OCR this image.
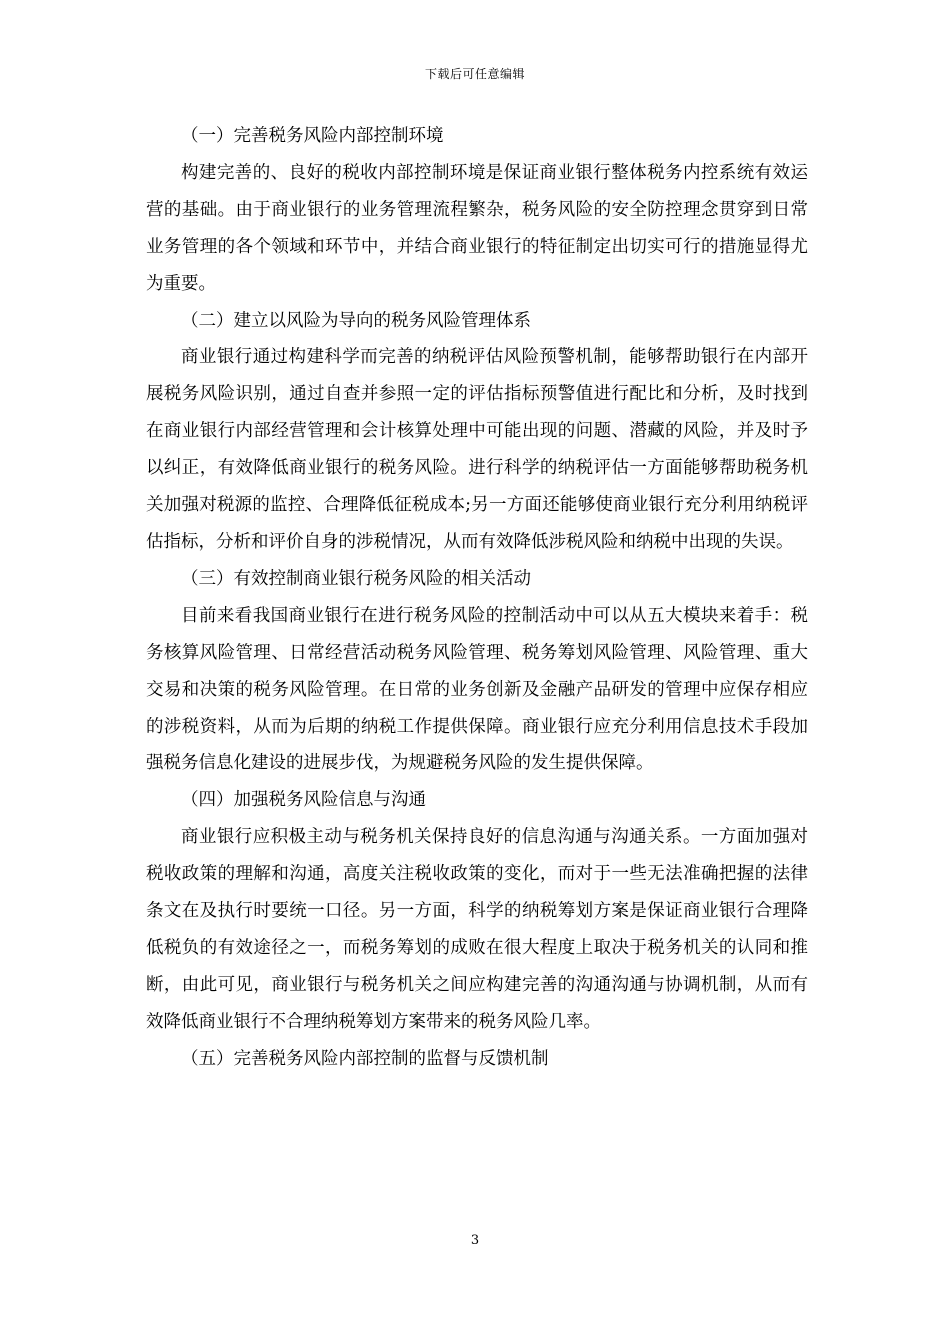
下载后可任意编辑

（一）完善税务风险内部控制环境

构建完善的、良好的税收内部控制环境是保证商业银行整体税务内控系统有效运营的基础。由于商业银行的业务管理流程繁杂，税务风险的安全防控理念贯穿到日常业务管理的各个领域和环节中，并结合商业银行的特征制定出切实可行的措施显得尤为重要。

（二）建立以风险为导向的税务风险管理体系

商业银行通过构建科学而完善的纳税评估风险预警机制，能够帮助银行在内部开展税务风险识别，通过自查并参照一定的评估指标预警值进行配比和分析，及时找到在商业银行内部经营管理和会计核算处理中可能出现的问题、潜藏的风险，并及时予以纠正，有效降低商业银行的税务风险。进行科学的纳税评估一方面能够帮助税务机关加强对税源的监控、合理降低征税成本;另一方面还能够使商业银行充分利用纳税评估指标，分析和评价自身的涉税情况，从而有效降低涉税风险和纳税中出现的失误。

（三）有效控制商业银行税务风险的相关活动

目前来看我国商业银行在进行税务风险的控制活动中可以从五大模块来着手：税务核算风险管理、日常经营活动税务风险管理、税务筹划风险管理、风险管理、重大交易和决策的税务风险管理。在日常的业务创新及金融产品研发的管理中应保存相应的涉税资料，从而为后期的纳税工作提供保障。商业银行应充分利用信息技术手段加强税务信息化建设的进展步伐，为规避税务风险的发生提供保障。

（四）加强税务风险信息与沟通

商业银行应积极主动与税务机关保持良好的信息沟通与沟通关系。一方面加强对税收政策的理解和沟通，高度关注税收政策的变化，而对于一些无法准确把握的法律条文在及执行时要统一口径。另一方面，科学的纳税筹划方案是保证商业银行合理降低税负的有效途径之一，而税务筹划的成败在很大程度上取决于税务机关的认同和推断，由此可见，商业银行与税务机关之间应构建完善的沟通沟通与协调机制，从而有效降低商业银行不合理纳税筹划方案带来的税务风险几率。

（五）完善税务风险内部控制的监督与反馈机制

3
